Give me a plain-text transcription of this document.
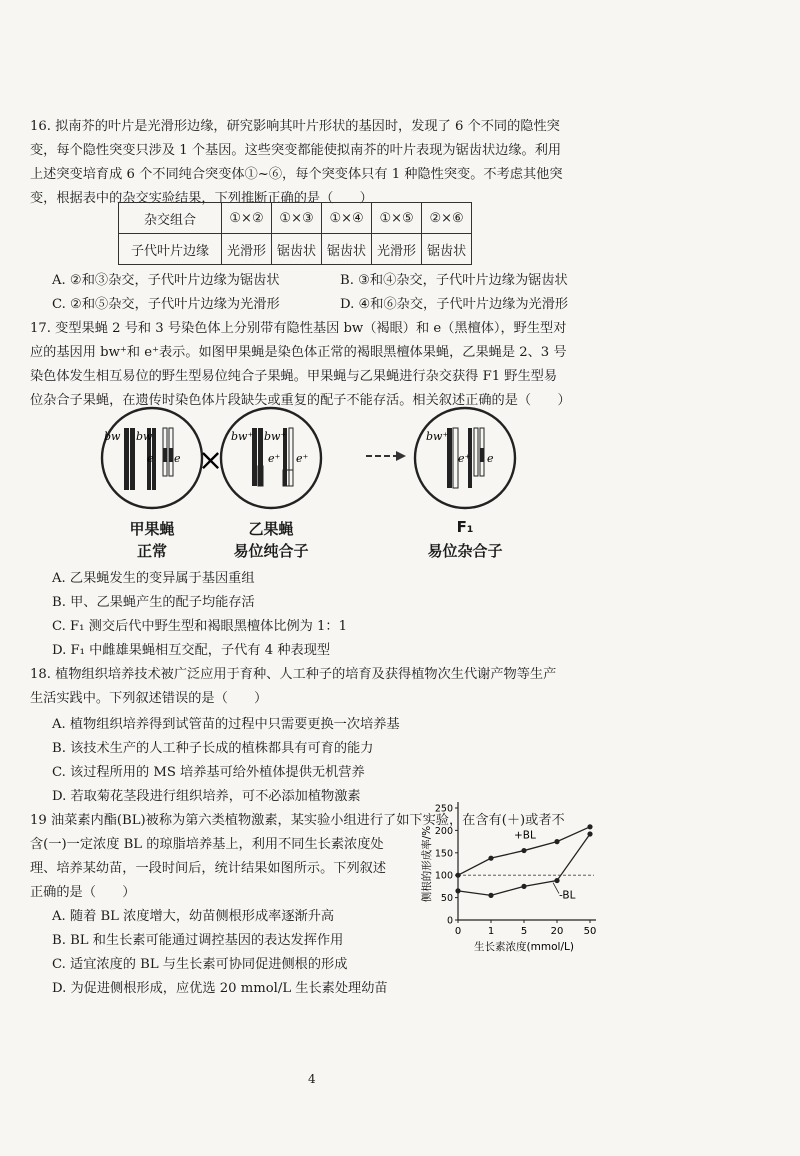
16. 拟南芥的叶片是光滑形边缘，研究影响其叶片形状的基因时，发现了 6 个不同的隐性突
变，每个隐性突变只涉及 1 个基因。这些突变都能使拟南芥的叶片表现为锯齿状边缘。利用
上述突变培育成 6 个不同纯合突变体①~⑥，每个突变体只有 1 种隐性突变。不考虑其他突
变，根据表中的杂交实验结果，下列推断正确的是（　　）
杂交组合	①×②	①×③	①×④	①×⑤	②×⑥
子代叶片边缘	光滑形	锯齿状	锯齿状	光滑形	锯齿状
A. ②和③杂交，子代叶片边缘为锯齿状	B. ③和④杂交，子代叶片边缘为锯齿状
C. ②和⑤杂交，子代叶片边缘为光滑形	D. ④和⑥杂交，子代叶片边缘为光滑形
17. 变型果蝇 2 号和 3 号染色体上分别带有隐性基因 bw（褐眼）和 e（黑檀体），野生型对
应的基因用 bw⁺和 e⁺表示。如图甲果蝇是染色体正常的褐眼黑檀体果蝇，乙果蝇是 2、3 号
染色体发生相互易位的野生型易位纯合子果蝇。甲果蝇与乙果蝇进行杂交获得 F1 野生型易
位杂合子果蝇，在遗传时染色体片段缺失或重复的配子不能存活。相关叙述正确的是（　　）
bw bw
e e ×
bw⁺ bw⁺
e⁺ e⁺
bw⁺
e⁺ e
甲果蝇
正常
乙果蝇
易位纯合子
F₁
易位杂合子
A. 乙果蝇发生的变异属于基因重组
B. 甲、乙果蝇产生的配子均能存活
C. F₁ 测交后代中野生型和褐眼黑檀体比例为 1：1
D. F₁ 中雌雄果蝇相互交配，子代有 4 种表现型
18. 植物组织培养技术被广泛应用于育种、人工种子的培育及获得植物次生代谢产物等生产
生活实践中。下列叙述错误的是（　　）
A. 植物组织培养得到试管苗的过程中只需要更换一次培养基
B. 该技术生产的人工种子长成的植株都具有可育的能力
C. 该过程所用的 MS 培养基可给外植体提供无机营养
D. 若取菊花茎段进行组织培养，可不必添加植物激素
19 油菜素内酯(BL)被称为第六类植物激素，某实验小组进行了如下实验，在含有(＋)或者不
含(一)一定浓度 BL 的琼脂培养基上，利用不同生长素浓度处
理、培养某幼苗，一段时间后，统计结果如图所示。下列叙述
正确的是（　　）
A. 随着 BL 浓度增大，幼苗侧根形成率逐渐升高
B. BL 和生长素可能通过调控基因的表达发挥作用
C. 适宜浓度的 BL 与生长素可协同促进侧根的形成
D. 为促进侧根形成，应优选 20 mmol/L 生长素处理幼苗
0
50
100
150
200
250
0	1	5 20 50
+BL
-BL
侧根的形成率/%
生长素浓度(mmol/L)
4
